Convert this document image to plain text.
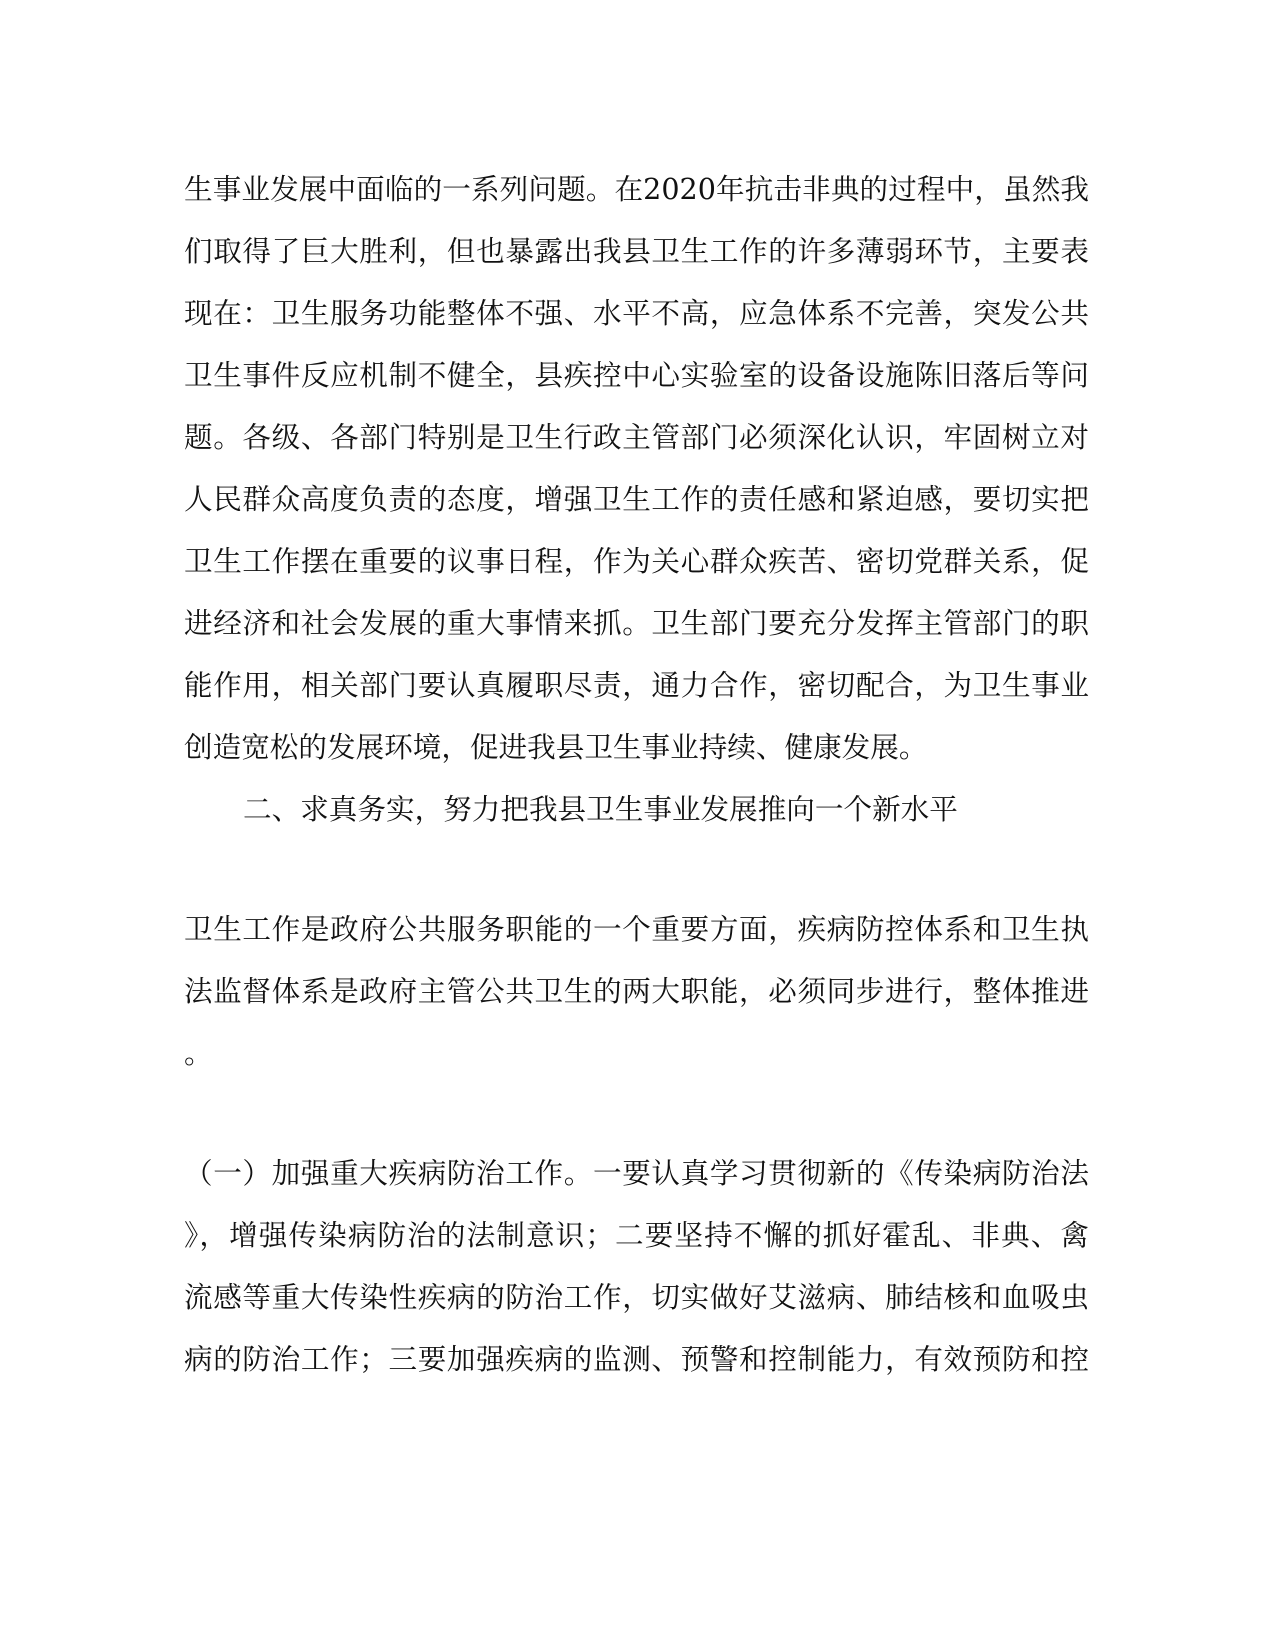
生事业发展中面临的一系列问题。在2020年抗击非典的过程中，虽然我
们取得了巨大胜利，但也暴露出我县卫生工作的许多薄弱环节，主要表
现在：卫生服务功能整体不强、水平不高，应急体系不完善，突发公共
卫生事件反应机制不健全，县疾控中心实验室的设备设施陈旧落后等问
题。各级、各部门特别是卫生行政主管部门必须深化认识，牢固树立对
人民群众高度负责的态度，增强卫生工作的责任感和紧迫感，要切实把
卫生工作摆在重要的议事日程，作为关心群众疾苦、密切党群关系，促
进经济和社会发展的重大事情来抓。卫生部门要充分发挥主管部门的职
能作用，相关部门要认真履职尽责，通力合作，密切配合，为卫生事业
创造宽松的发展环境，促进我县卫生事业持续、健康发展。
二、求真务实，努力把我县卫生事业发展推向一个新水平
卫生工作是政府公共服务职能的一个重要方面，疾病防控体系和卫生执
法监督体系是政府主管公共卫生的两大职能，必须同步进行，整体推进
。
（一）加强重大疾病防治工作。一要认真学习贯彻新的《传染病防治法
》，增强传染病防治的法制意识；二要坚持不懈的抓好霍乱、非典、禽
流感等重大传染性疾病的防治工作，切实做好艾滋病、肺结核和血吸虫
病的防治工作；三要加强疾病的监测、预警和控制能力，有效预防和控
